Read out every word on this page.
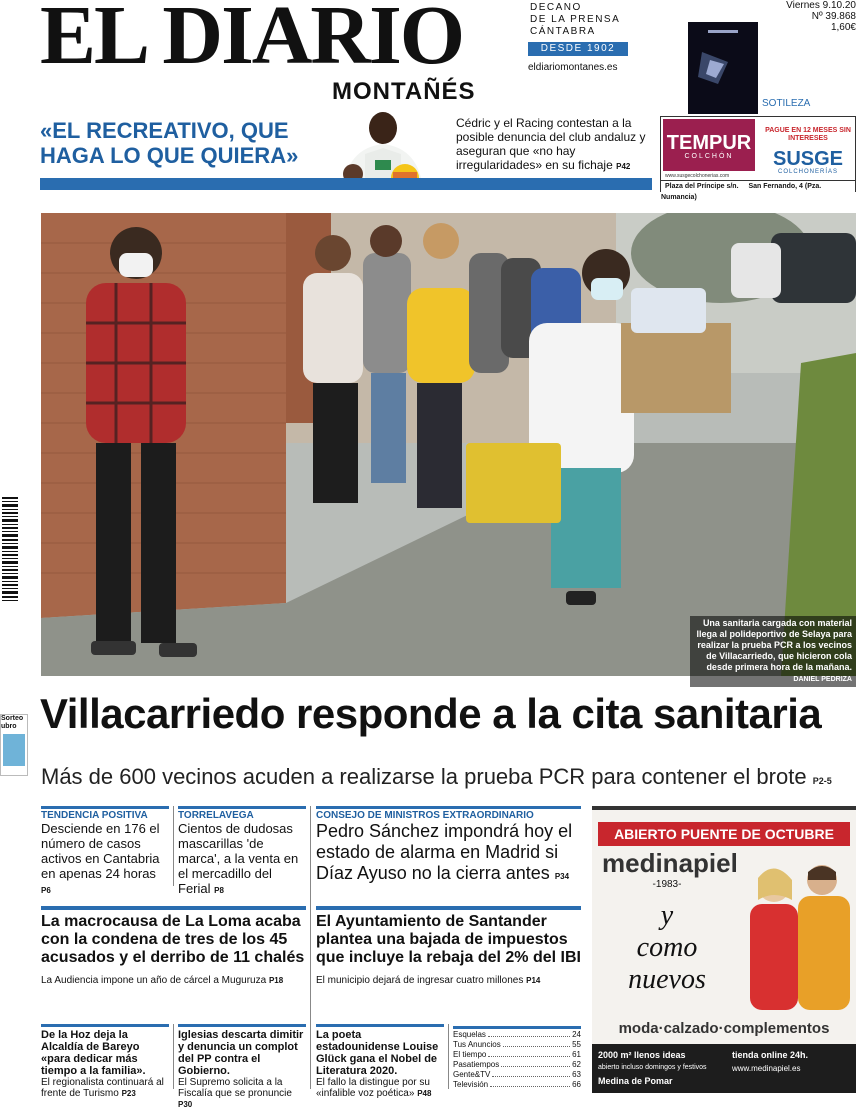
EL DIARIO
MONTAÑÉS
DECANO
DE LA PRENSA
CÁNTABRA
DESDE 1902
eldiariomontanes.es
Viernes 9.10.20
Nº 39.868
1,60€
SOTILEZA
«EL RECREATIVO, QUE HAGA LO QUE QUIERA»
Cédric y el Racing contestan a la posible denuncia del club andaluz y aseguran que «no hay irregularidades» en su fichaje P42
TEMPUR
COLCHÓN
PAGUE EN 12 MESES SIN INTERESES
SUSGE
COLCHONERÍAS
www.susgecolchonerias.com
Plaza del Príncipe s/n. San Fernando, 4 (Pza. Numancia)
Una sanitaria cargada con material llega al polideportivo de Selaya para realizar la prueba PCR a los vecinos de Villacarriedo, que hicieron cola desde primera hora de la mañana. DANIEL PEDRIZA
Sorteo
ubro Villacarriedo responde a la cita sanitaria
Más de 600 vecinos acuden a realizarse la prueba PCR para contener el brote P2-5
TENDENCIA POSITIVA
Desciende en 176 el número de casos activos en Cantabria en apenas 24 horas P6
TORRELAVEGA
Cientos de dudosas mascarillas 'de marca', a la venta en el mercadillo del Ferial P8
CONSEJO DE MINISTROS EXTRAORDINARIO
Pedro Sánchez impondrá hoy el estado de alarma en Madrid si Díaz Ayuso no la cierra antes P34
La macrocausa de La Loma acaba con la condena de tres de los 45 acusados y el derribo de 11 chalés
La Audiencia impone un año de cárcel a Muguruza P18
El Ayuntamiento de Santander plantea una bajada de impuestos que incluye la rebaja del 2% del IBI
El municipio dejará de ingresar cuatro millones P14
De la Hoz deja la Alcaldía de Bareyo «para dedicar más tiempo a la familia».
El regionalista continuará al frente de Turismo P23
Iglesias descarta dimitir y denuncia un complot del PP contra el Gobierno.
El Supremo solicita a la Fiscalía que se pronuncie P30
La poeta estadounidense Louise Glück gana el Nobel de Literatura 2020.
El fallo la distingue por su «infalible voz poética» P48
Esquelas	24
Tus Anuncios	55
El tiempo	61
Pasatiempos	62
Gente&TV	63
Televisión	66
ABIERTO PUENTE DE OCTUBRE
medinapiel
-1983-
y
como
nuevos
moda·calzado·complementos
2000 m² llenos ideas	tienda online 24h.
abierto incluso domingos y festivos	www.medinapiel.es
Medina de Pomar
